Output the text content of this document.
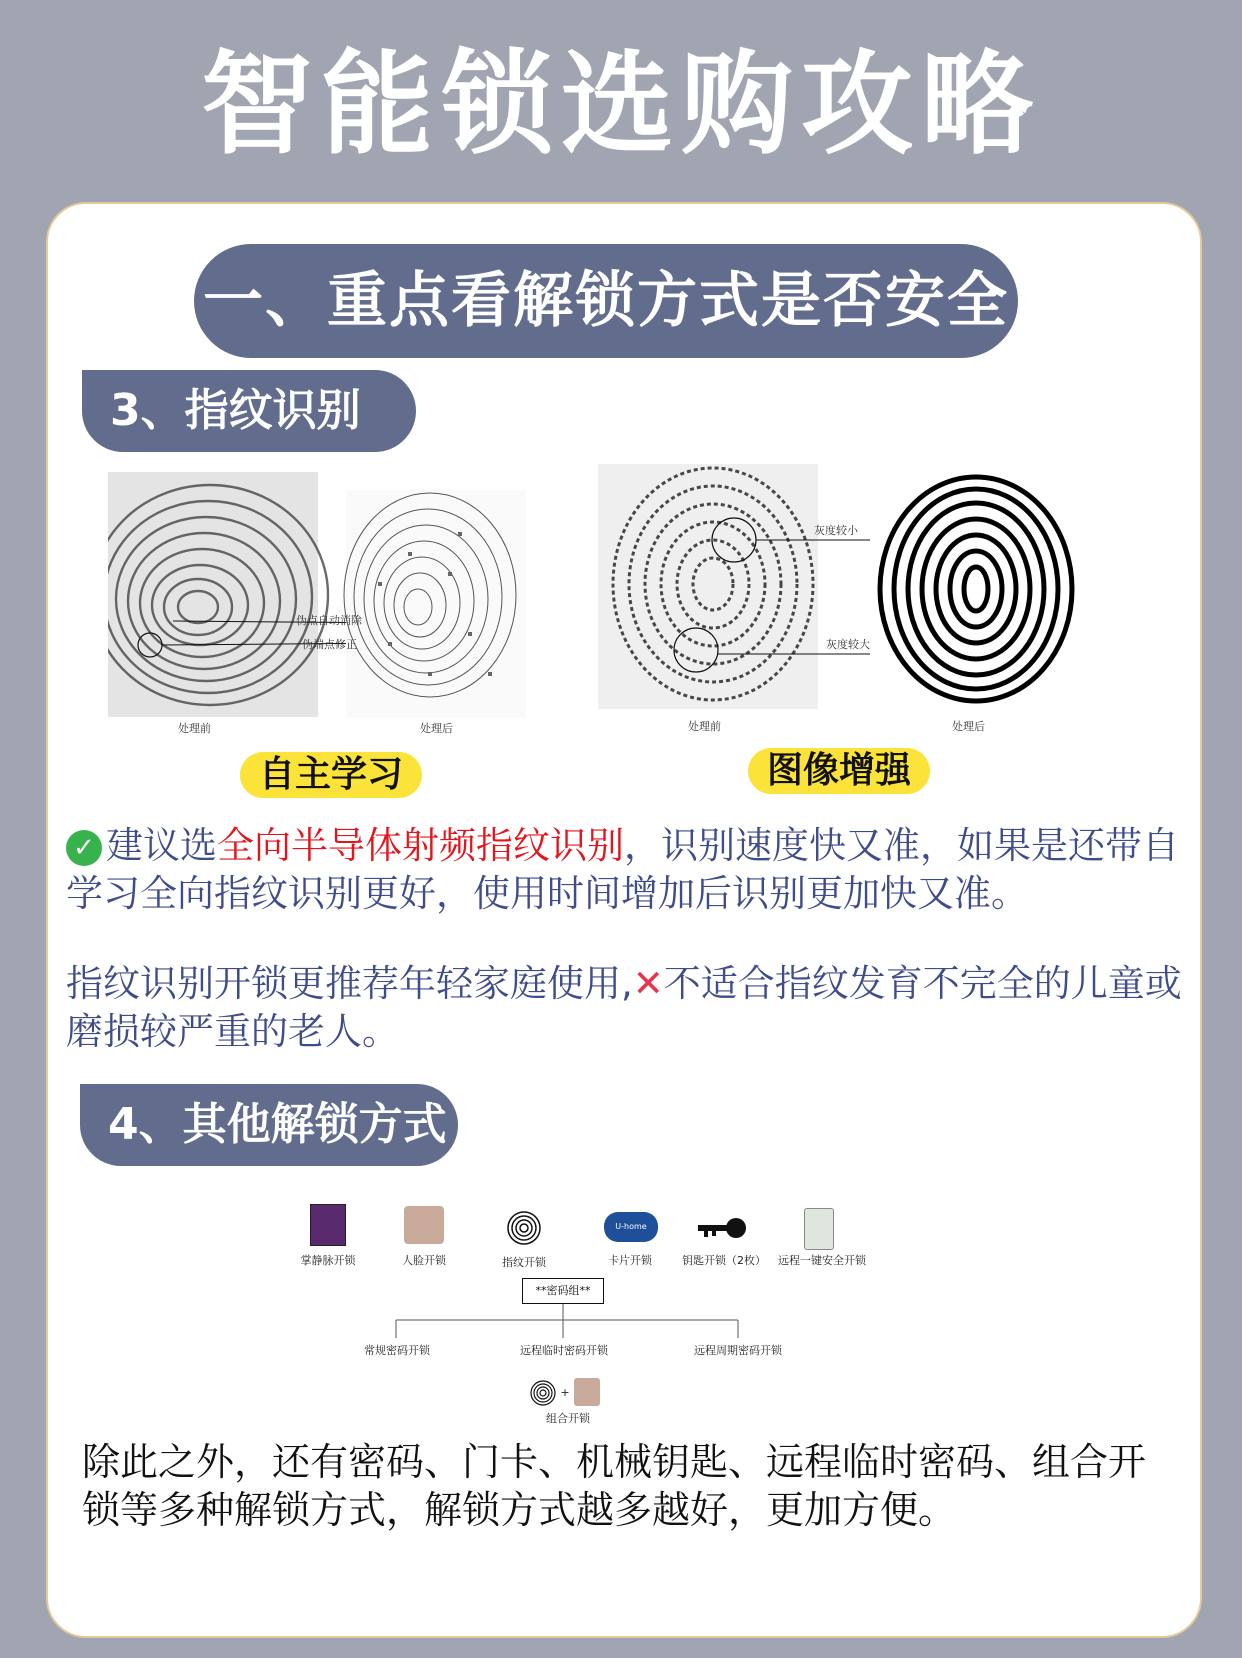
智能锁选购攻略
一、重点看解锁方式是否安全
3、指纹识别
伪点自动消除
伪端点修正
处理前	处理后
灰度较小
灰度较大
处理前	处理后
自主学习	图像增强
✓ 建议选全向半导体射频指纹识别，识别速度快又准，如果是还带自学习全向指纹识别更好，使用时间增加后识别更加快又准。
指纹识别开锁更推荐年轻家庭使用,✕不适合指纹发育不完全的儿童或磨损较严重的老人。
4、其他解锁方式
U-home
掌静脉开锁	人脸开锁	指纹开锁	卡片开锁	钥匙开锁（2枚）	远程一键安全开锁
**密码组**
常规密码开锁	远程临时密码开锁	远程周期密码开锁
+
组合开锁
除此之外，还有密码、门卡、机械钥匙、远程临时密码、组合开锁等多种解锁方式，解锁方式越多越好，更加方便。
